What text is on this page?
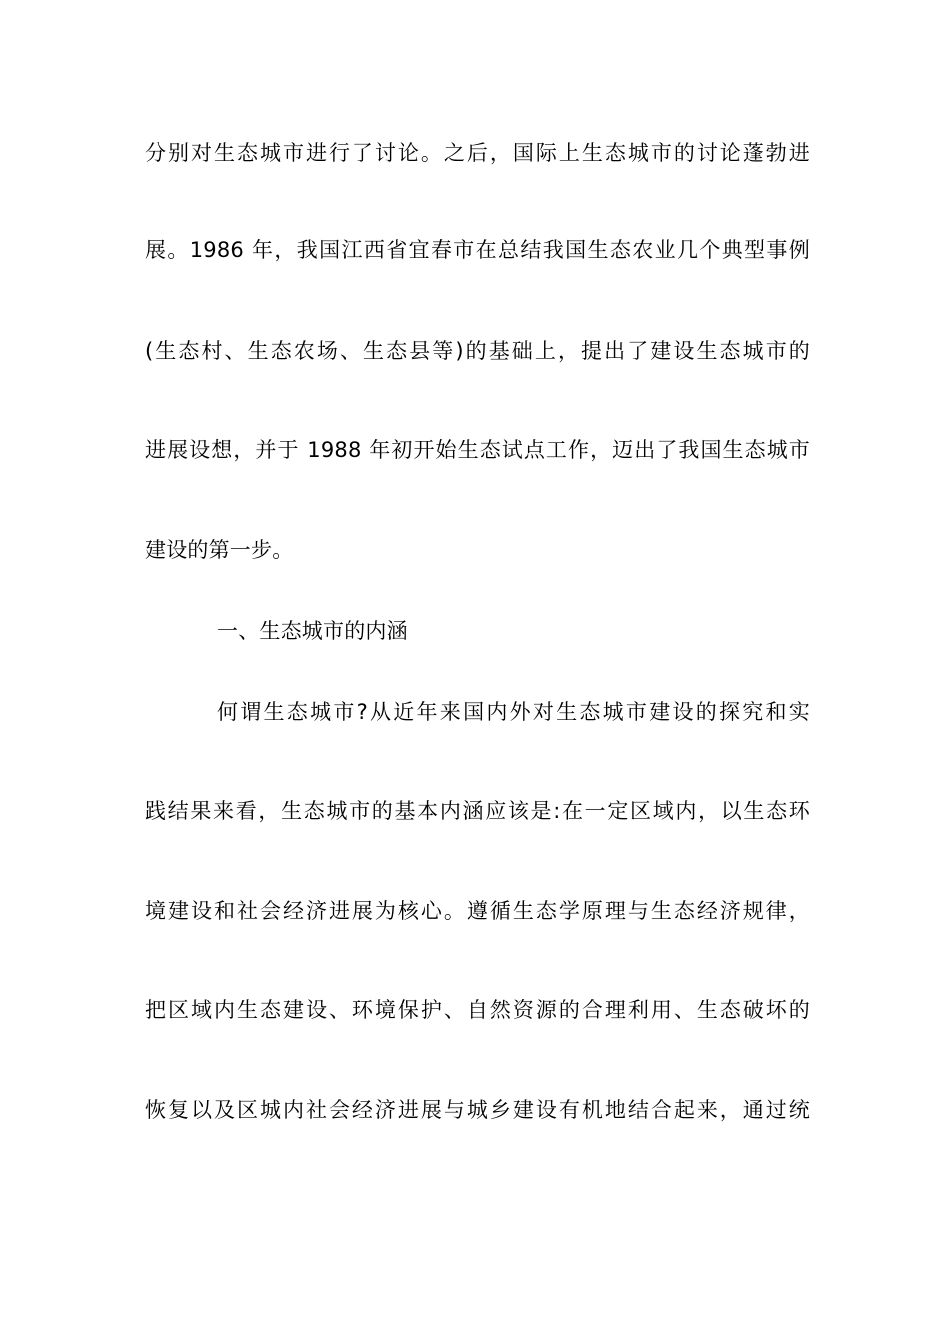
分别对生态城市进行了讨论。之后，国际上生态城市的讨论蓬勃进
展。1986 年，我国江西省宜春市在总结我国生态农业几个典型事例
(生态村、生态农场、生态县等)的基础上，提出了建设生态城市的
进展设想，并于 1988 年初开始生态试点工作，迈出了我国生态城市
建设的第一步。
一、生态城市的内涵
何谓生态城市?从近年来国内外对生态城市建设的探究和实
践结果来看，生态城市的基本内涵应该是:在一定区域内，以生态环
境建设和社会经济进展为核心。遵循生态学原理与生态经济规律，
把区域内生态建设、环境保护、自然资源的合理利用、生态破坏的
恢复以及区城内社会经济进展与城乡建设有机地结合起来，通过统
